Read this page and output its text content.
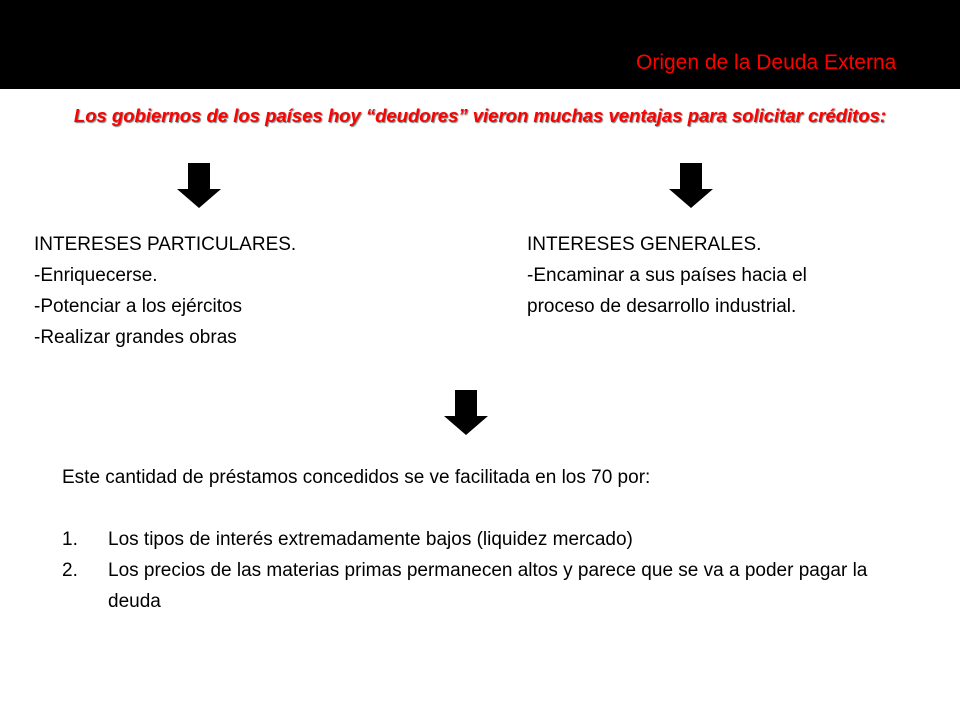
Origen de la Deuda Externa
Los gobiernos de los países hoy “deudores” vieron muchas ventajas para solicitar créditos:
INTERESES PARTICULARES.
-Enriquecerse.
-Potenciar a los ejércitos
-Realizar grandes obras
INTERESES GENERALES.
-Encaminar a sus países hacia el
proceso de desarrollo industrial.
Este cantidad de préstamos concedidos se ve facilitada en los 70 por:
1. Los tipos de interés extremadamente bajos (liquidez mercado)
2. Los precios de las materias primas permanecen altos y parece que se va a poder pagar la deuda
